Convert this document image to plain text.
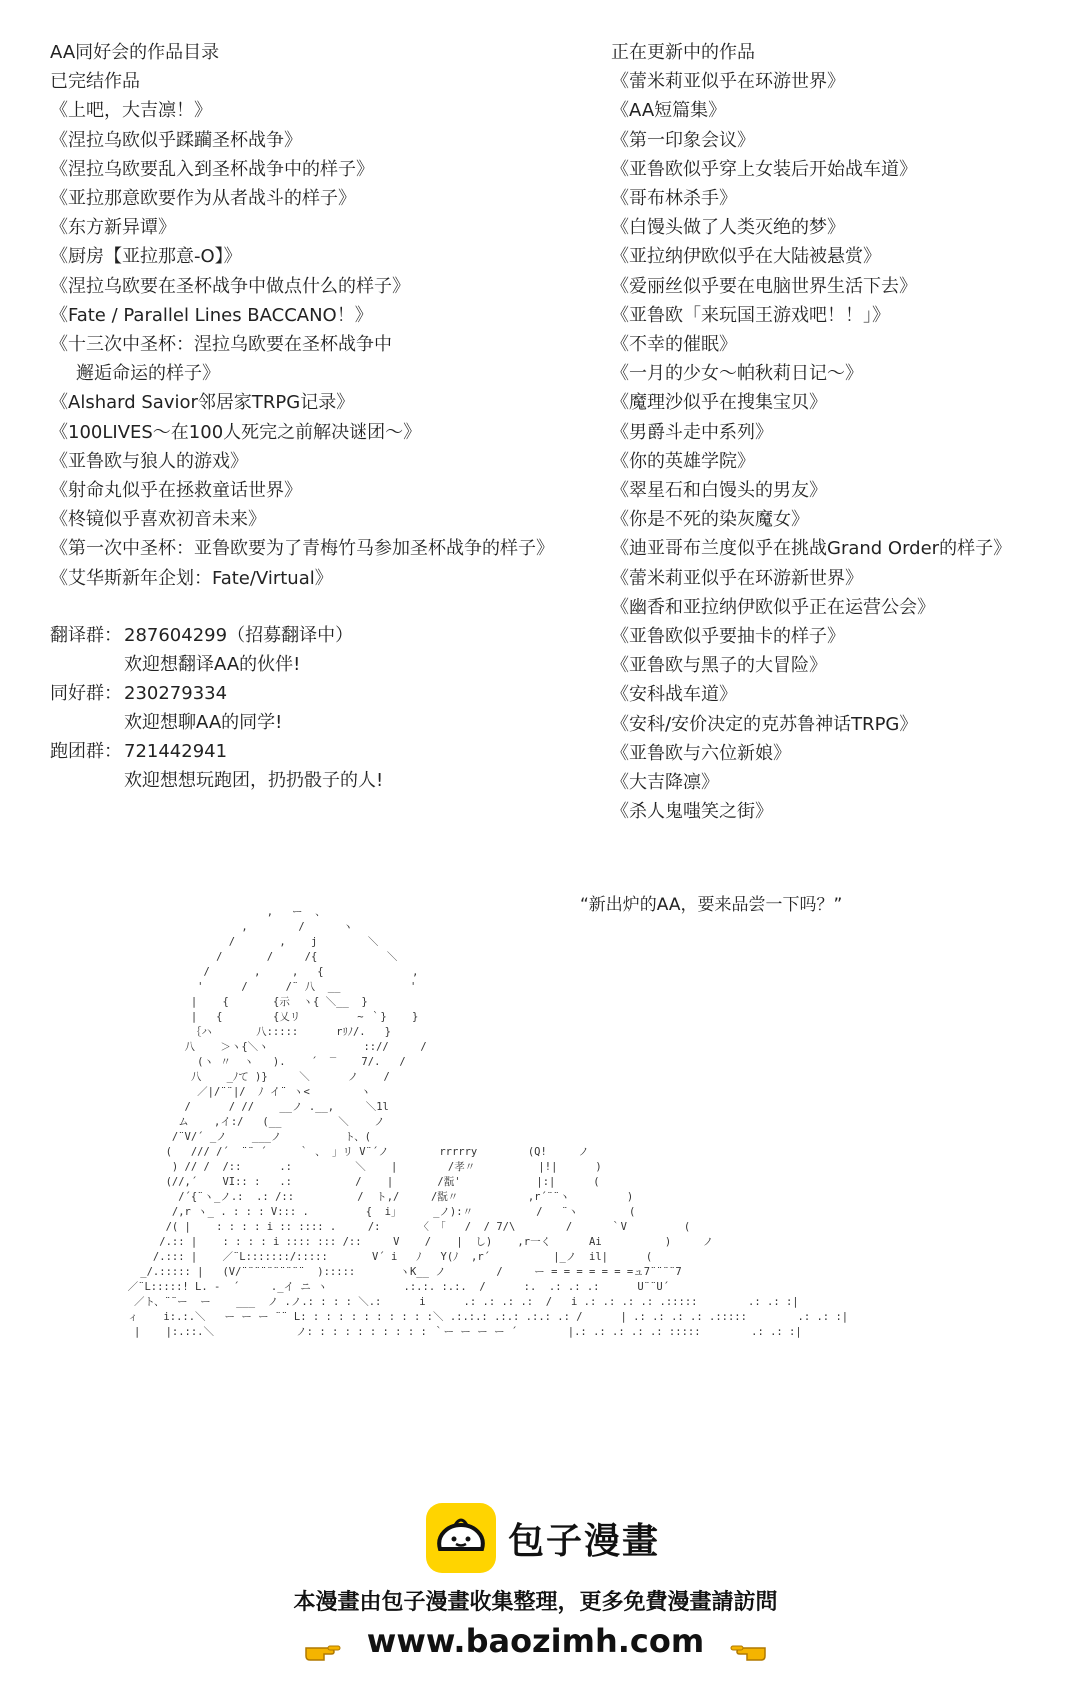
AA同好会的作品目录
已完结作品
《上吧，大吉凛！》
《涅拉乌欧似乎蹂躏圣杯战争》
《涅拉乌欧要乱入到圣杯战争中的样子》
《亚拉那意欧要作为从者战斗的样子》
《东方新异谭》
《厨房【亚拉那意-O】》
《涅拉乌欧要在圣杯战争中做点什么的样子》
《Fate / Parallel Lines BACCANO！》
《十三次中圣杯：涅拉乌欧要在圣杯战争中
邂逅命运的样子》
《Alshard Savior邻居家TRPG记录》
《100LIVES～在100人死完之前解决谜团～》
《亚鲁欧与狼人的游戏》
《射命丸似乎在拯救童话世界》
《柊镜似乎喜欢初音未来》
《第一次中圣杯：亚鲁欧要为了青梅竹马参加圣杯战争的样子》
《艾华斯新年企划：Fate/Virtual》
正在更新中的作品
《蕾米莉亚似乎在环游世界》
《AA短篇集》
《第一印象会议》
《亚鲁欧似乎穿上女装后开始战车道》
《哥布林杀手》
《白馒头做了人类灭绝的梦》
《亚拉纳伊欧似乎在大陆被悬赏》
《爱丽丝似乎要在电脑世界生活下去》
《亚鲁欧「来玩国王游戏吧！！」》
《不幸的催眠》
《一月的少女～帕秋莉日记～》
《魔理沙似乎在搜集宝贝》
《男爵斗走中系列》
《你的英雄学院》
《翠星石和白馒头的男友》
《你是不死的染灰魔女》
《迪亚哥布兰度似乎在挑战Grand Order的样子》
《蕾米莉亚似乎在环游新世界》
《幽香和亚拉纳伊欧似乎正在运营公会》
《亚鲁欧似乎要抽卡的样子》
《亚鲁欧与黑子的大冒险》
《安科战车道》
《安科/安价决定的克苏鲁神话TRPG》
《亚鲁欧与六位新娘》
《大吉降凛》
《杀人鬼嗤笑之街》
翻译群： 287604299（招募翻译中）
欢迎想翻译AA的伙伴!
同好群： 230279334
欢迎想聊AA的同学!
跑团群： 721442941
欢迎想想玩跑团，扔扔骰子的人!
“新出炉的AA，要来品尝一下吗？”
,   ー  、
,        /      ヽ
/       ,    j        ＼
/       /     /{           ＼
/       ,     ,   {              ,
'      /      /¨ 八  __           '
|    {       {示  ヽ{ ＼__  }
|   {        {乂リ         ~ ｀}    }
｛ハ       八:::::      rﾘﾉ/.   }
八    ＞ヽ{＼ヽ               :://     /
(ヽ 〃  ヽ   ).    ´  ‾    7/.   /
八    _ﾉて )}     ＼      ノ    /
／|/¨¨|/  ﾉ イ¨ ヽ<        ヽ
/      / //    __ノ .__,     ＼1l
ム    ,イ:/   (__         ＼    ノ
/¨V/´ _ノ    ___ノ          ト、(
(   /// /´  ¨¨ ´     ｀ 、 」リ V¨´ノ        rrrrry        (Q!     ノ
) // /  /::      .:          ＼    |        /孝〃          |!|      )
(//,´    VI:: :   .:          /    |       /翫'            |:|      (
/´{¨ヽ_ノ.:  .: /::          /  ト,/     /翫〃           ,r´¨¨ヽ         )
/,r ヽ_ . : : : V::: .         {  i」     _ノ):〃          /   ¨ヽ        (
/( |    : : : : i :: :::: .     /:      〈 「   /  / 7/\        /      ｀V         (
/.:: |    : : : : i :::: ::: /::     V    /    |  し)    ,r一く      Ai          )     ノ
/.::: |    ／¨L:::::::/:::::       V´ i   ﾉ   Y(ﾉ  ,r´          |_ノ  il|      (
_/.::::: |   (V/¨¨¨¨¨¨¨¨¨¨  ):::::       ヽK__ ノ        /     ー = = = = = = =ュ7¨¨¨¨7
／¨L:::::! L. -  ´     ._イ ニ ヽ            .:.:. :.:.  /      :.  .: .: .:      U¨¨U´
／ト、¨¨ー  ー    ___  ノ .ノ.: : : : ＼.:      i      .: .: .: .:  /   i .: .: .: .: .:::::        .: .: :|
ィ    i:.:.＼   ー ー ー ¨¨ L: : : : : : : : : : :＼ .:.:.: .:.: .:.: .: /      | .: .: .: .: .:::::        .: .: :|
|    |:.::.＼             ノ: : : : : : : : : : ｀ー ー ー ー ´        |.: .: .: .: .: :::::        .: .: :|

包子漫畫
本漫畫由包子漫畫收集整理，更多免費漫畫請訪問
www.baozimh.com
